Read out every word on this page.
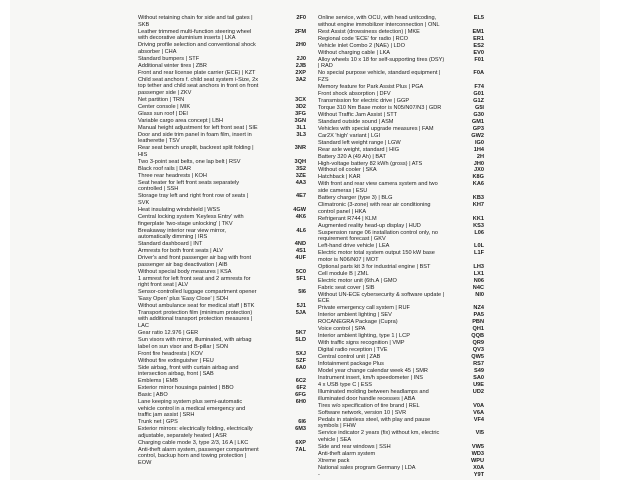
Without retaining chain for side and tail gates | SKB
2F0
Leather trimmed multi-function steering wheel with decorative aluminium inserts | LKA
2FM
Driving profile selection and conventional shock absorber | CHA
2H0
Standard bumpers | STF	2J0
Additional winter tires | ZBR	2JB
Front and rear license plate carrier (ECE) | KZT	2XP
Child seat anchors f. child seat system i-Size, 2x top tether and child seat anchors in front on front passenger side | ZKV
3A2
Net partition | TRN	3CX
Center console | MIK	3D2
Glass sun roof | DEI	3FG
Variable cargo area concept | LBH	3GN
Manual height adjustment for left front seat | SIE	3L1
Door and side trim panel in foam film, insert in leatherette | TSV
3L3
Rear seat bench unsplit, backrest split folding | HIS
3NR
Two 3-point seat belts, one lap belt | RSV	3QH
Black roof rails | DAR	3S2
Three rear headrests | KOH	3ZE
Seat heater for left front seats separately controlled | SSH
4A3
Storage tray left and right front row of seats | SVK
4E7
Heat insulating windshield | WSS	4GW
Central locking system 'Keyless Entry' with fingerplate 'two-stage unlocking' | TKV
4K6
Breakaway interior rear view mirror, automatically dimming | IRS
4L6
Standard dashboard | INT	4ND
Armrests for both front seats | ALV	4S1
Driver's and front passenger air bag with front passenger air bag deactivation | AIB
4UF
Without special body measures | KSA	5C0
1 armrest for left front seat and 2 armrests for right front seat | ALV
5F1
Sensor-controlled luggage compartment opener 'Easy Open' plus 'Easy Close' | SDH
5I6
Without ambulance seat for medical staff | BTK	5J1
Transport protection film (minimum protection) with additional transport protection measures | LAC
5JA
Gear ratio 12.976 | GER	5K7
Sun visors with mirror, illuminated, with airbag label on sun visor and B-pillar | SON
5LD
Front fire headrests | KOV	5XJ
Without fire extinguisher | FEU	5ZF
Side airbag, front with curtain airbag and intersection airbag, front | SAB
6A0
Emblems | EMB	6C2
Exterior mirror housings painted | BBO	6F2
Basic | ABO	6FG
Lane keeping system plus semi-automatic vehicle control in a medical emergency and traffic jam assist | SRH
6H0
Trunk net | GPS	6I6
Exterior mirrors: electrically folding, electrically adjustable, separately heated | ASR
6M3
Charging cable mode 3, type 2/3, 16 A | LKC	6XP
Anti-theft alarm system, passenger compartment control, backup horn and towing protection | EOW
7AL
Online service, with OCU, with head unitcoding, without engine immobilizer interconnection | ONL
EL5
Rest Assist (drowsiness detection) | MKE	EM1
Regional code 'ECE' for radio | RCO	ER1
Vehicle inlet Combo 2 (NAE) | LDO	ES2
Without charging cable | LKA	EV0
Alloy wheels 10 x 18 for self-supporting tires (DSY) | RAD
F01
No special purpose vehicle, standard equipment | FZS
F0A
Memory feature for Park Assist Plus | PGA	F74
Front shock absorption | DFV	G01
Transmission for electric drive | GGP	G1Z
Torque 310 Nm Base motor is N05/N07/N3 | GDR	G5I
Without Traffic Jam Assist | STT	G30
Standard outside sound | ASM	GM1
Vehicles with special upgrade measures | FAM	GP3
Car2X 'high' variant | LGI	GW2
Standard left weight range | LGW	IG0
Rear axle weight, standard | HIG	1H4
Battery 320 A (49 Ah) | BAT	2H
High-voltage battery 82 kWh (gross) | ATS	JH0
Without oil cooler | SKA	JX0
Hatchback | KAR	K8G
With front and rear view camera system and two side cameras | ESU
KA6
Battery charger (type 3) | BLG	KB3
Climatronic (3-zone) with rear air conditioning control panel | HKA
KH7
Refrigerant R744 | KLM	KK1
Augmented reality head-up display | HUD	KS3
Suspension range 06 installation control only, no requirement forecast | GKV
L06
Left-hand drive vehicle | LEA	L0L
Electric motor total system output 150 kW base motor is N06/N07 | MOT
L1F
Optional parts kit 3 for industrial engine | BST	LH3
Cell module B | ZML	LX1
Electric motor unit (6th.A | GMO	N06
Fabric seat cover | SIB	N4C
Without UN-ECE cybersecurity & software update | ECE
NI0
Private emergency call system | RUF	NZ4
Interior ambient lighting | SEV	PA5
ROCANEGRA Package (Cupra)	PBN
Voice control | SPA	QH1
Interior ambient lighting, type 1 | LCP	QQB
With traffic signs recognition | VMP	QR9
Digital radio reception | TVE	QV3
Central control unit | ZAB	QW5
Infotainment package Plus	RS7
Model year change calendar week 45 | SMR	S49
Instrument insert, km/h speedometer | INS	SA0
4 x USB type C | ESS	U9E
Illuminated molding between headlamps and illuminated door handle recesses | ABA
UD2
Tires w/o specification of tire brand | REL	V0A
Software network, version 10 | SVR	V6A
Pedals in stainless steel, with play and pause symbols | FHW
VF4
Service indicator 2 years (fix) without km, electric vehicle | SEA
VI5
Side and rear windows | SSH	VW5
Anti-theft alarm system	WD3
Xtreme pack	WPU
National sales program Germany | LDA	X0A
-	Y9T
